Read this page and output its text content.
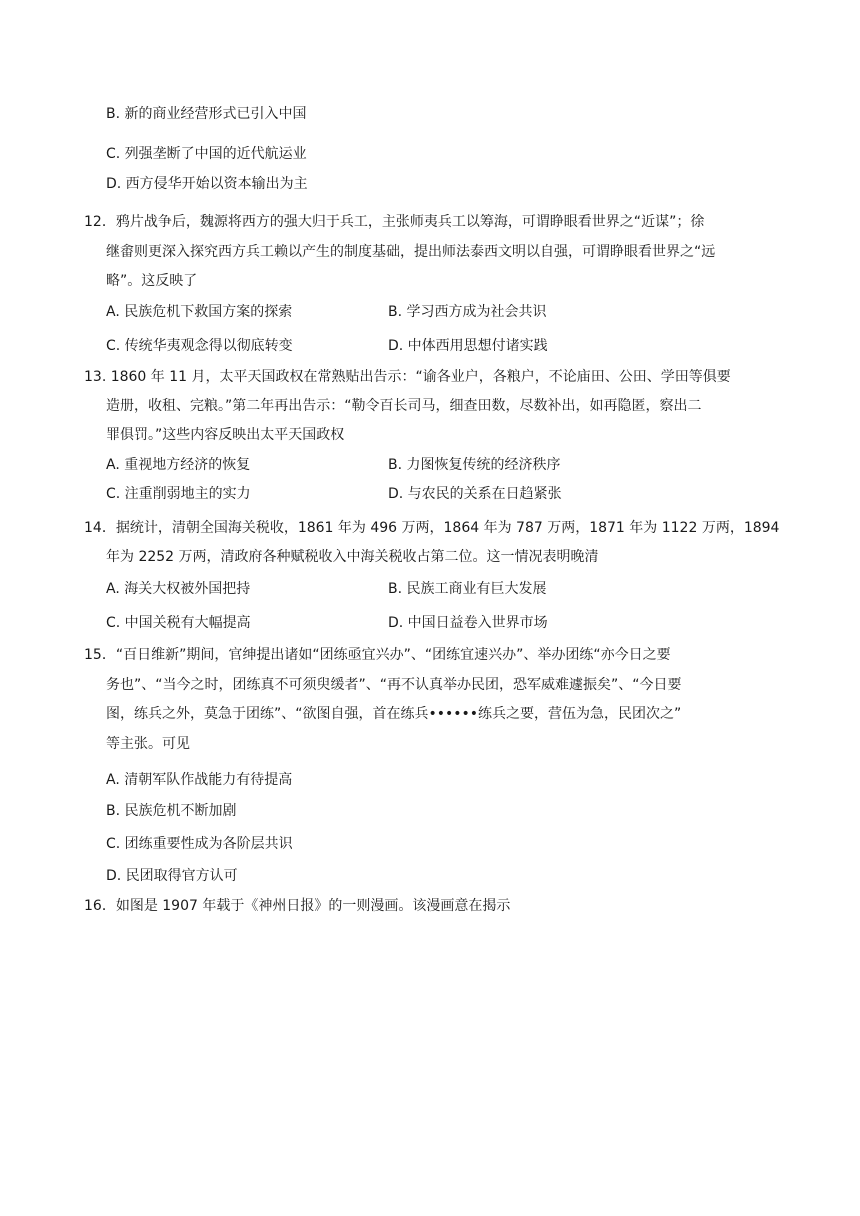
B. 新的商业经营形式已引入中国
C. 列强垄断了中国的近代航运业
D. 西方侵华开始以资本输出为主
12．鸦片战争后，魏源将西方的强大归于兵工，主张师夷兵工以筹海，可谓睁眼看世界之“近谋”；徐
继畬则更深入探究西方兵工赖以产生的制度基础，提出师法泰西文明以自强，可谓睁眼看世界之“远
略”。这反映了
A. 民族危机下救国方案的探索	B. 学习西方成为社会共识
C. 传统华夷观念得以彻底转变	D. 中体西用思想付诸实践
13. 1860 年 11 月，太平天国政权在常熟贴出告示：“谕各业户，各粮户，不论庙田、公田、学田等俱要
造册，收租、完粮。”第二年再出告示：“勒令百长司马，细查田数，尽数补出，如再隐匿，察出二
罪俱罚。”这些内容反映出太平天国政权
A. 重视地方经济的恢复	B. 力图恢复传统的经济秩序
C. 注重削弱地主的实力	D. 与农民的关系在日趋紧张
14．据统计，清朝全国海关税收，1861 年为 496 万两，1864 年为 787 万两，1871 年为 1122 万两，1894
年为 2252 万两，清政府各种赋税收入中海关税收占第二位。这一情况表明晚清
A. 海关大权被外国把持	B. 民族工商业有巨大发展
C. 中国关税有大幅提高	D. 中国日益卷入世界市场
15．“百日维新”期间，官绅提出诸如“团练亟宜兴办”、“团练宜速兴办”、举办团练“亦今日之要
务也”、“当今之时，团练真不可须臾缓者”、“再不认真举办民团，恐军威难遽振矣”、“今日要
图，练兵之外，莫急于团练”、“欲图自强，首在练兵••••••练兵之要，营伍为急，民团次之”
等主张。可见
A. 清朝军队作战能力有待提高
B. 民族危机不断加剧
C. 团练重要性成为各阶层共识
D. 民团取得官方认可
16．如图是 1907 年载于《神州日报》的一则漫画。该漫画意在揭示
